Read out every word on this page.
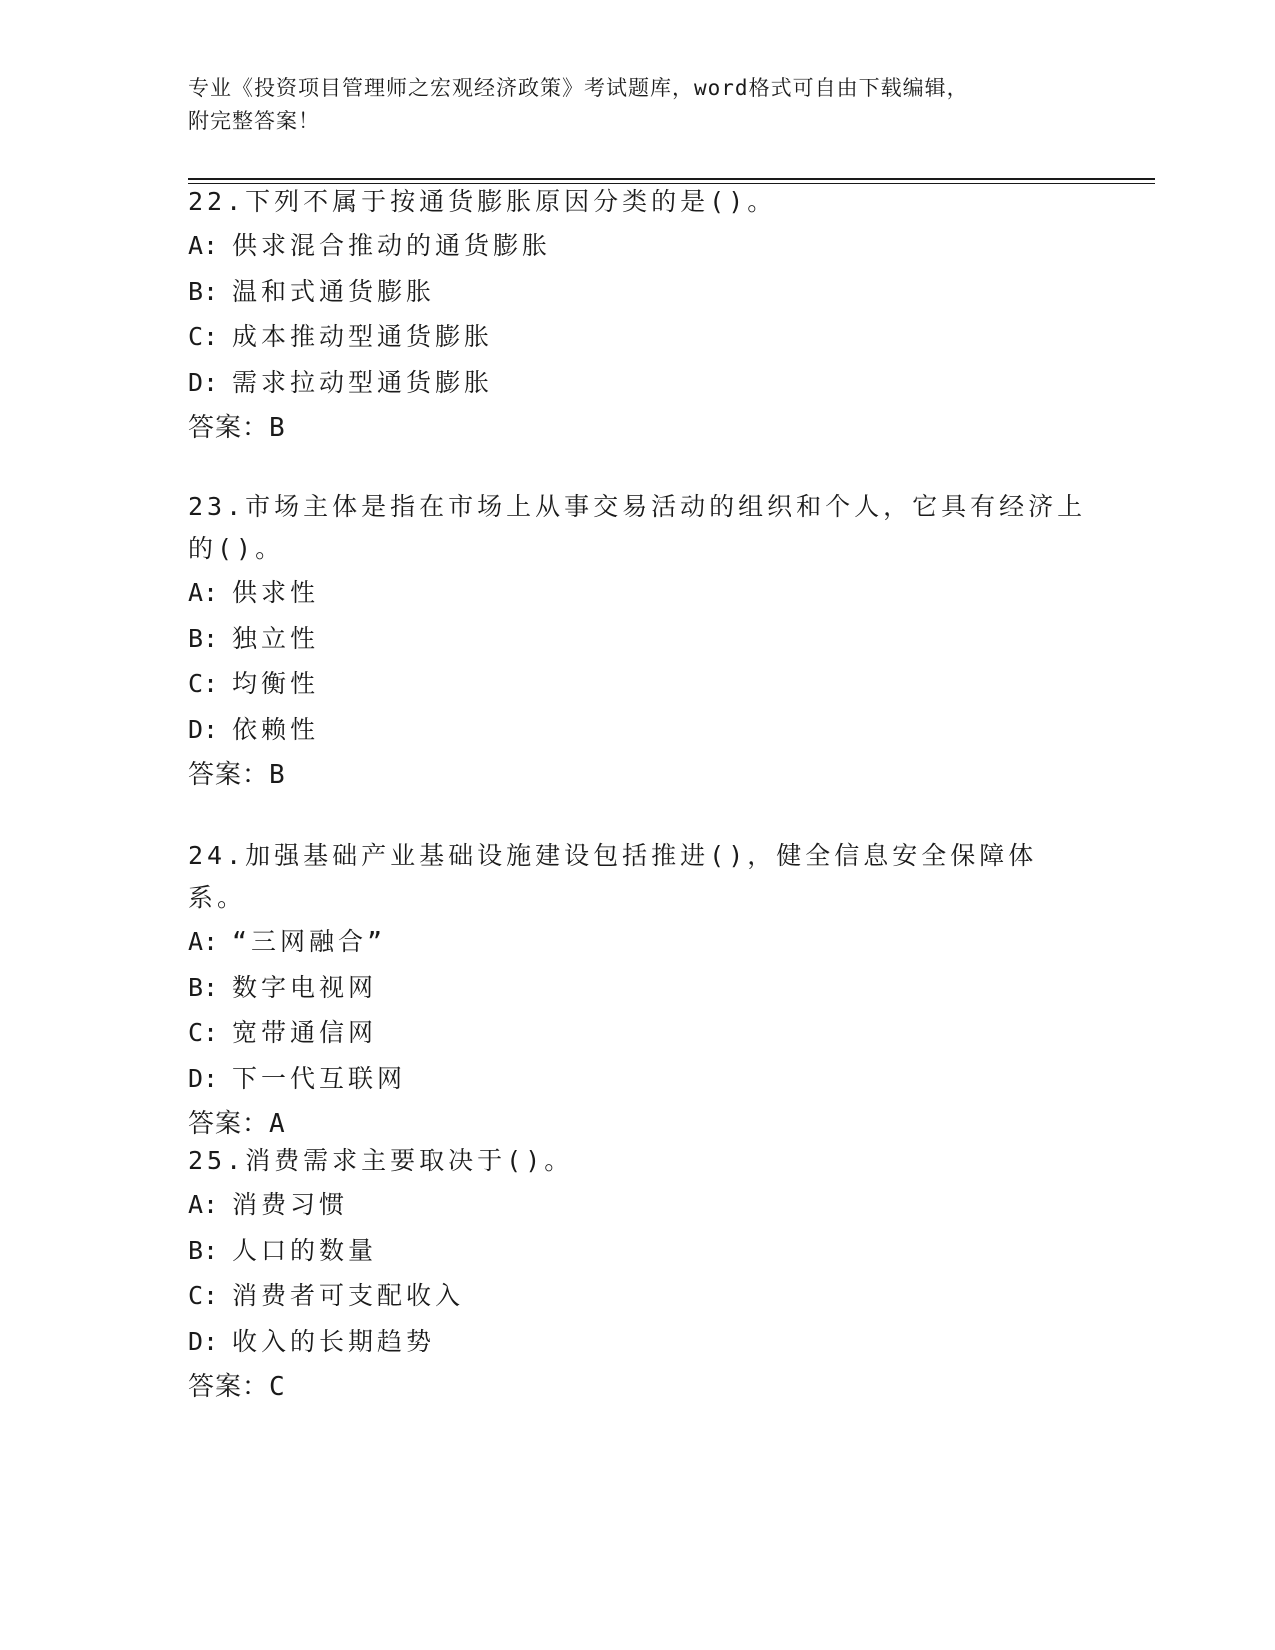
专业《投资项目管理师之宏观经济政策》考试题库，word格式可自由下载编辑，
附完整答案！

22.下列不属于按通货膨胀原因分类的是()。

A: 供求混合推动的通货膨胀

B: 温和式通货膨胀

C: 成本推动型通货膨胀

D: 需求拉动型通货膨胀

答案：B

23.市场主体是指在市场上从事交易活动的组织和个人，它具有经济上

的()。

A: 供求性

B: 独立性

C: 均衡性

D: 依赖性

答案：B

24.加强基础产业基础设施建设包括推进()，健全信息安全保障体系。

A: “三网融合”

B: 数字电视网

C: 宽带通信网

D: 下一代互联网

答案：A

25.消费需求主要取决于()。

A: 消费习惯

B: 人口的数量

C: 消费者可支配收入

D: 收入的长期趋势

答案：C
